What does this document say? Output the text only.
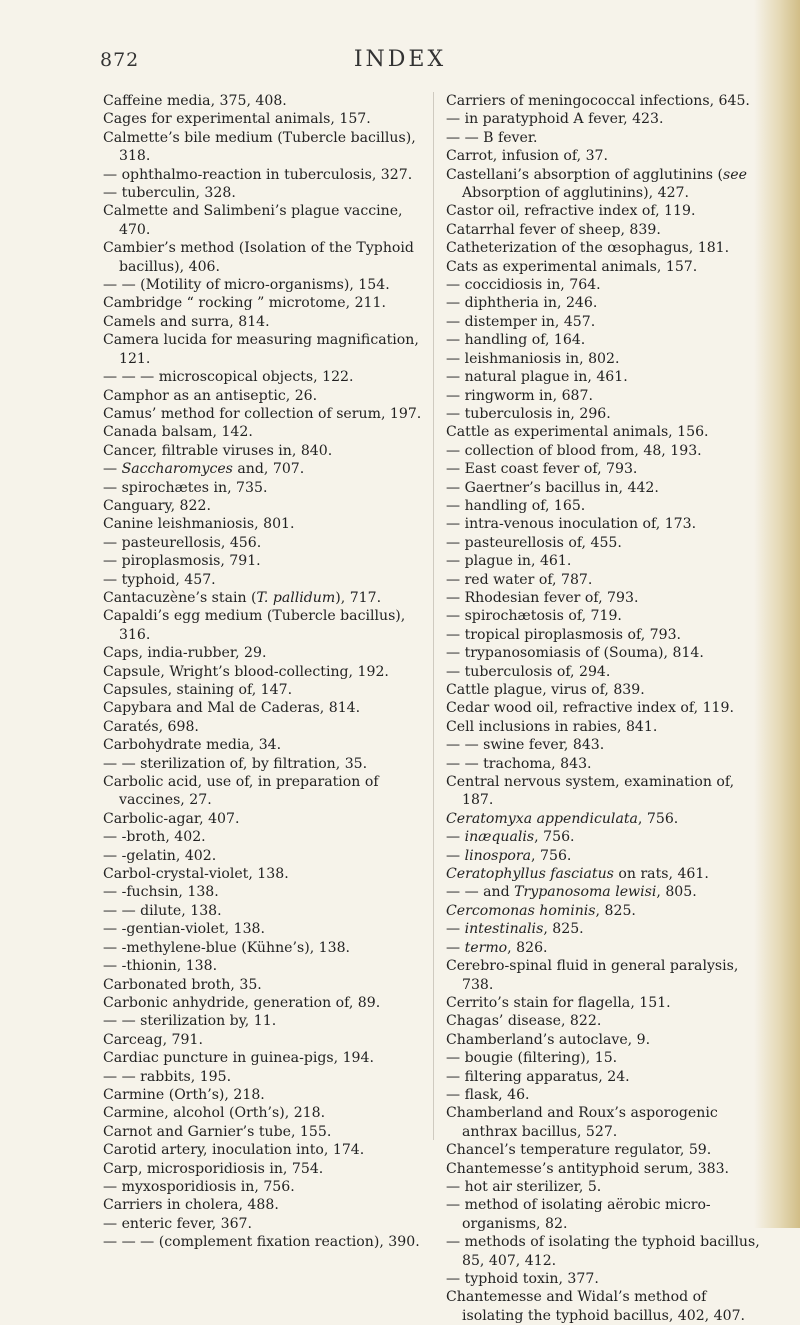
872	INDEX

Caffeine media, 375, 408.

Cages for experimental animals, 157.

Calmette’s bile medium (Tubercle bacillus), 318.

— ophthalmo-reaction in tuberculosis, 327.

— tuberculin, 328.

Calmette and Salimbeni’s plague vaccine, 470.

Cambier’s method (Isolation of the Typhoid bacillus), 406.

— — (Motility of micro-organisms), 154.

Cambridge “ rocking ” microtome, 211.

Camels and surra, 814.

Camera lucida for measuring magnification, 121.

— — — microscopical objects, 122.

Camphor as an antiseptic, 26.

Camus’ method for collection of serum, 197.

Canada balsam, 142.

Cancer, filtrable viruses in, 840.

— Saccharomyces and, 707.

— spirochætes in, 735.

Canguary, 822.

Canine leishmaniosis, 801.

— pasteurellosis, 456.

— piroplasmosis, 791.

— typhoid, 457.

Cantacuzène’s stain (T. pallidum), 717.

Capaldi’s egg medium (Tubercle bacillus), 316.

Caps, india-rubber, 29.

Capsule, Wright’s blood-collecting, 192.

Capsules, staining of, 147.

Capybara and Mal de Caderas, 814.

Caratés, 698.

Carbohydrate media, 34.

— — sterilization of, by filtration, 35.

Carbolic acid, use of, in preparation of vaccines, 27.

Carbolic-agar, 407.

— -broth, 402.

— -gelatin, 402.

Carbol-crystal-violet, 138.

— -fuchsin, 138.

— — dilute, 138.

— -gentian-violet, 138.

— -methylene-blue (Kühne’s), 138.

— -thionin, 138.

Carbonated broth, 35.

Carbonic anhydride, generation of, 89.

— — sterilization by, 11.

Carceag, 791.

Cardiac puncture in guinea-pigs, 194.

— — rabbits, 195.

Carmine (Orth’s), 218.

Carmine, alcohol (Orth’s), 218.

Carnot and Garnier’s tube, 155.

Carotid artery, inoculation into, 174.

Carp, microsporidiosis in, 754.

— myxosporidiosis in, 756.

Carriers in cholera, 488.

— enteric fever, 367.

— — — (complement fixation reaction), 390.

Carriers of meningococcal infections, 645.

— in paratyphoid A fever, 423.

— — B fever.

Carrot, infusion of, 37.

Castellani’s absorption of agglutinins (see Absorption of agglutinins), 427.

Castor oil, refractive index of, 119.

Catarrhal fever of sheep, 839.

Catheterization of the œsophagus, 181.

Cats as experimental animals, 157.

— coccidiosis in, 764.

— diphtheria in, 246.

— distemper in, 457.

— handling of, 164.

— leishmaniosis in, 802.

— natural plague in, 461.

— ringworm in, 687.

— tuberculosis in, 296.

Cattle as experimental animals, 156.

— collection of blood from, 48, 193.

— East coast fever of, 793.

— Gaertner’s bacillus in, 442.

— handling of, 165.

— intra-venous inoculation of, 173.

— pasteurellosis of, 455.

— plague in, 461.

— red water of, 787.

— Rhodesian fever of, 793.

— spirochætosis of, 719.

— tropical piroplasmosis of, 793.

— trypanosomiasis of (Souma), 814.

— tuberculosis of, 294.

Cattle plague, virus of, 839.

Cedar wood oil, refractive index of, 119.

Cell inclusions in rabies, 841.

— — swine fever, 843.

— — trachoma, 843.

Central nervous system, examination of, 187.

Ceratomyxa appendiculata, 756.

— inæqualis, 756.

— linospora, 756.

Ceratophyllus fasciatus on rats, 461.

— — and Trypanosoma lewisi, 805.

Cercomonas hominis, 825.

— intestinalis, 825.

— termo, 826.

Cerebro-spinal fluid in general paralysis, 738.

Cerrito’s stain for flagella, 151.

Chagas’ disease, 822.

Chamberland’s autoclave, 9.

— bougie (filtering), 15.

— filtering apparatus, 24.

— flask, 46.

Chamberland and Roux’s asporogenic anthrax bacillus, 527.

Chancel’s temperature regulator, 59.

Chantemesse’s antityphoid serum, 383.

— hot air sterilizer, 5.

— method of isolating aërobic micro-organisms, 82.

— methods of isolating the typhoid bacillus, 85, 407, 412.

— typhoid toxin, 377.

Chantemesse and Widal’s method of isolating the typhoid bacillus, 402, 407.
